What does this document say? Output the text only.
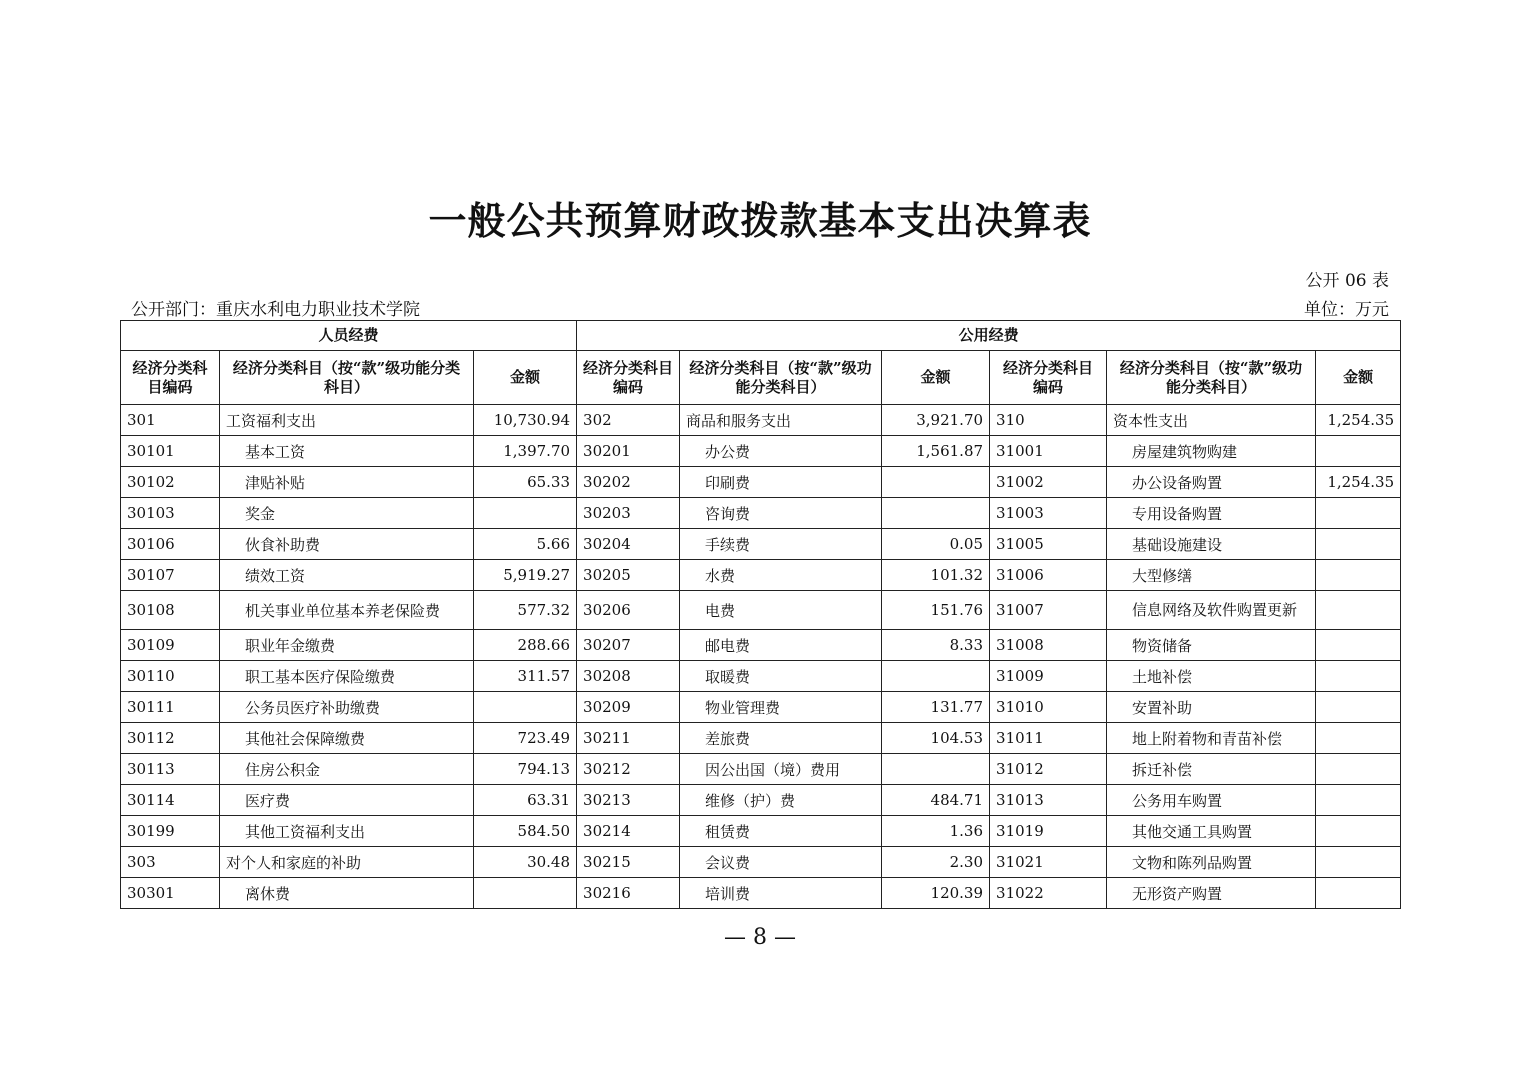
一般公共预算财政拨款基本支出决算表
公开 06 表
公开部门：重庆水利电力职业技术学院	单位：万元
人员经费			公用经费					
经济分类科目编码	经济分类科目（按“款”级功能分类科目）	金额	经济分类科目编码	经济分类科目（按“款”级功能分类科目）	金额	经济分类科目编码	经济分类科目（按“款”级功能分类科目）	金额
301	工资福利支出	10,730.94	302	商品和服务支出	3,921.70	310	资本性支出	1,254.35
30101	基本工资	1,397.70	30201	办公费	1,561.87	31001	房屋建筑物购建	
30102	津贴补贴	65.33	30202	印刷费		31002	办公设备购置	1,254.35
30103	奖金		30203	咨询费		31003	专用设备购置	
30106	伙食补助费	5.66	30204	手续费	0.05	31005	基础设施建设	
30107	绩效工资	5,919.27	30205	水费	101.32	31006	大型修缮	
30108	机关事业单位基本养老保险费	577.32	30206	电费	151.76	31007	信息网络及软件购置更新	
30109	职业年金缴费	288.66	30207	邮电费	8.33	31008	物资储备	
30110	职工基本医疗保险缴费	311.57	30208	取暖费		31009	土地补偿	
30111	公务员医疗补助缴费		30209	物业管理费	131.77	31010	安置补助	
30112	其他社会保障缴费	723.49	30211	差旅费	104.53	31011	地上附着物和青苗补偿	
30113	住房公积金	794.13	30212	因公出国（境）费用		31012	拆迁补偿	
30114	医疗费	63.31	30213	维修（护）费	484.71	31013	公务用车购置	
30199	其他工资福利支出	584.50	30214	租赁费	1.36	31019	其他交通工具购置	
303	对个人和家庭的补助	30.48	30215	会议费	2.30	31021	文物和陈列品购置	
30301	离休费		30216	培训费	120.39	31022	无形资产购置	
— 8 —
